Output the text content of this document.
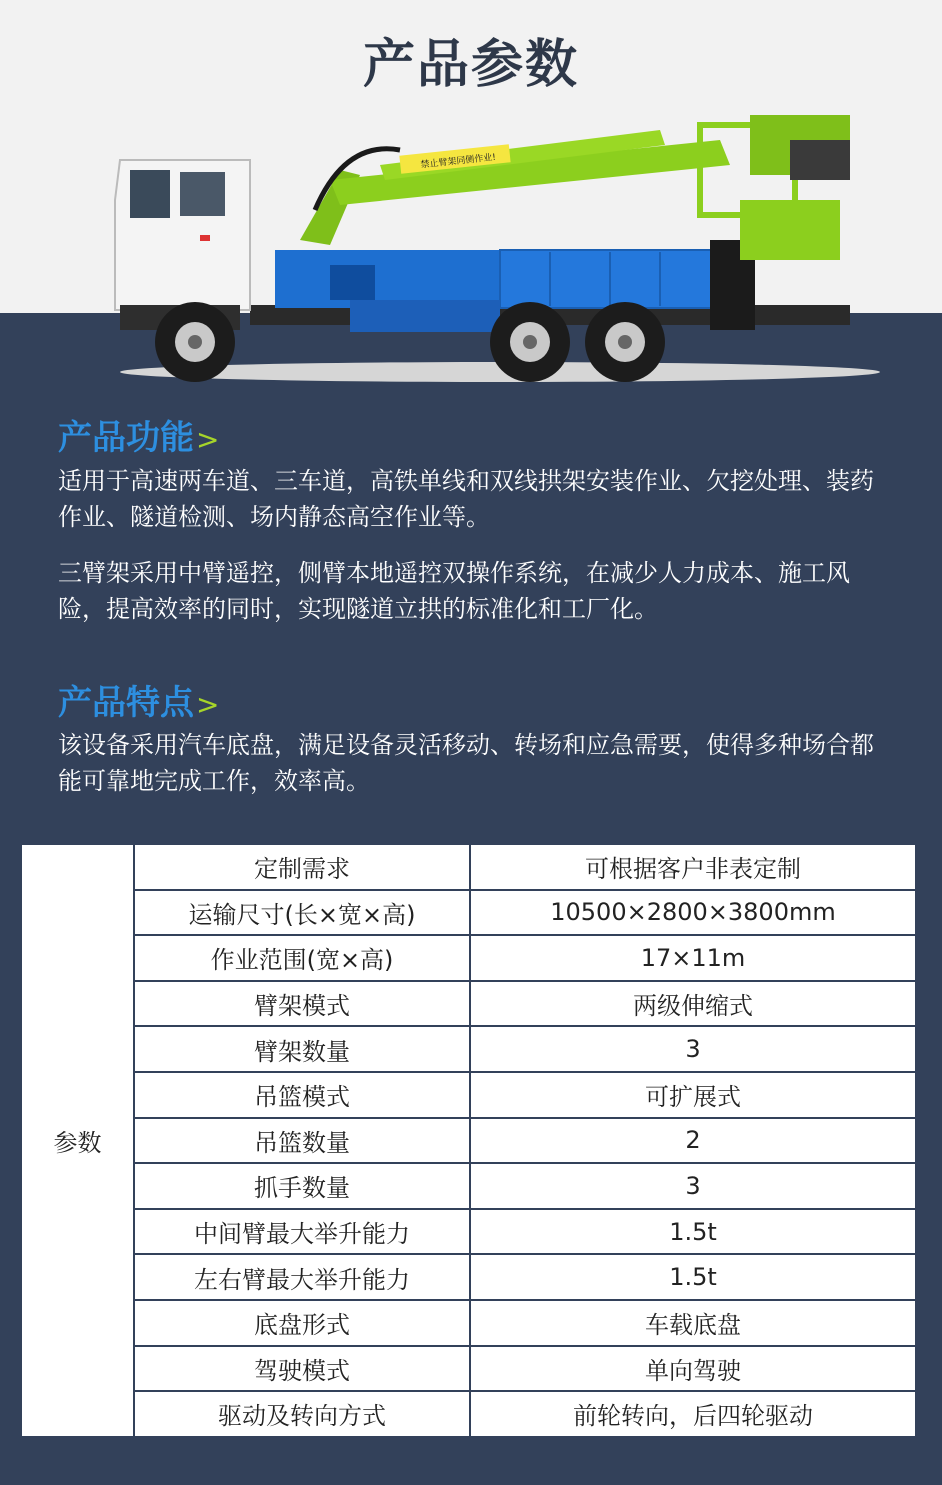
产品参数
禁止臂架同侧作业!
产品功能>
适用于高速两车道、三车道，高铁单线和双线拱架安装作业、欠挖处理、装药作业、隧道检测、场内静态高空作业等。
三臂架采用中臂遥控，侧臂本地遥控双操作系统，在减少人力成本、施工风险，提高效率的同时，实现隧道立拱的标准化和工厂化。
产品特点>
该设备采用汽车底盘，满足设备灵活移动、转场和应急需要，使得多种场合都能可靠地完成工作，效率高。
参数	定制需求	可根据客户非表定制
	运输尺寸(长×宽×高)	10500×2800×3800mm
	作业范围(宽×高)	17×11m
	臂架模式	两级伸缩式
	臂架数量	3
	吊篮模式	可扩展式
	吊篮数量	2
	抓手数量	3
	中间臂最大举升能力	1.5t
	左右臂最大举升能力	1.5t
	底盘形式	车载底盘
	驾驶模式	单向驾驶
	驱动及转向方式	前轮转向，后四轮驱动
